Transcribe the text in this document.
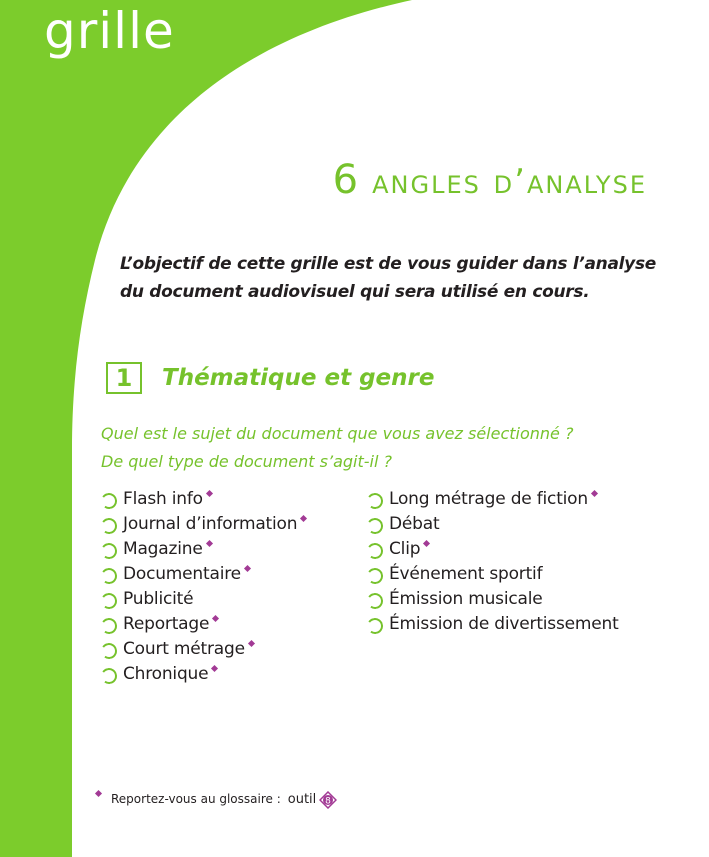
grille
6 angles d’analyse

L’objectif de cette grille est de vous guider dans l’analyse
du document audiovisuel qui sera utilisé en cours.

1	Thématique et genre
Quel est le sujet du document que vous avez sélectionné ?
De quel type de document s’agit-il ?
Flash info
Journal d’information
Magazine
Documentaire
Publicité
Reportage
Court métrage
Chronique
Long métrage de fiction
Débat
Clip
Événement sportif
Émission musicale
Émission de divertissement
Reportez-vous au glossaire : outil 8
